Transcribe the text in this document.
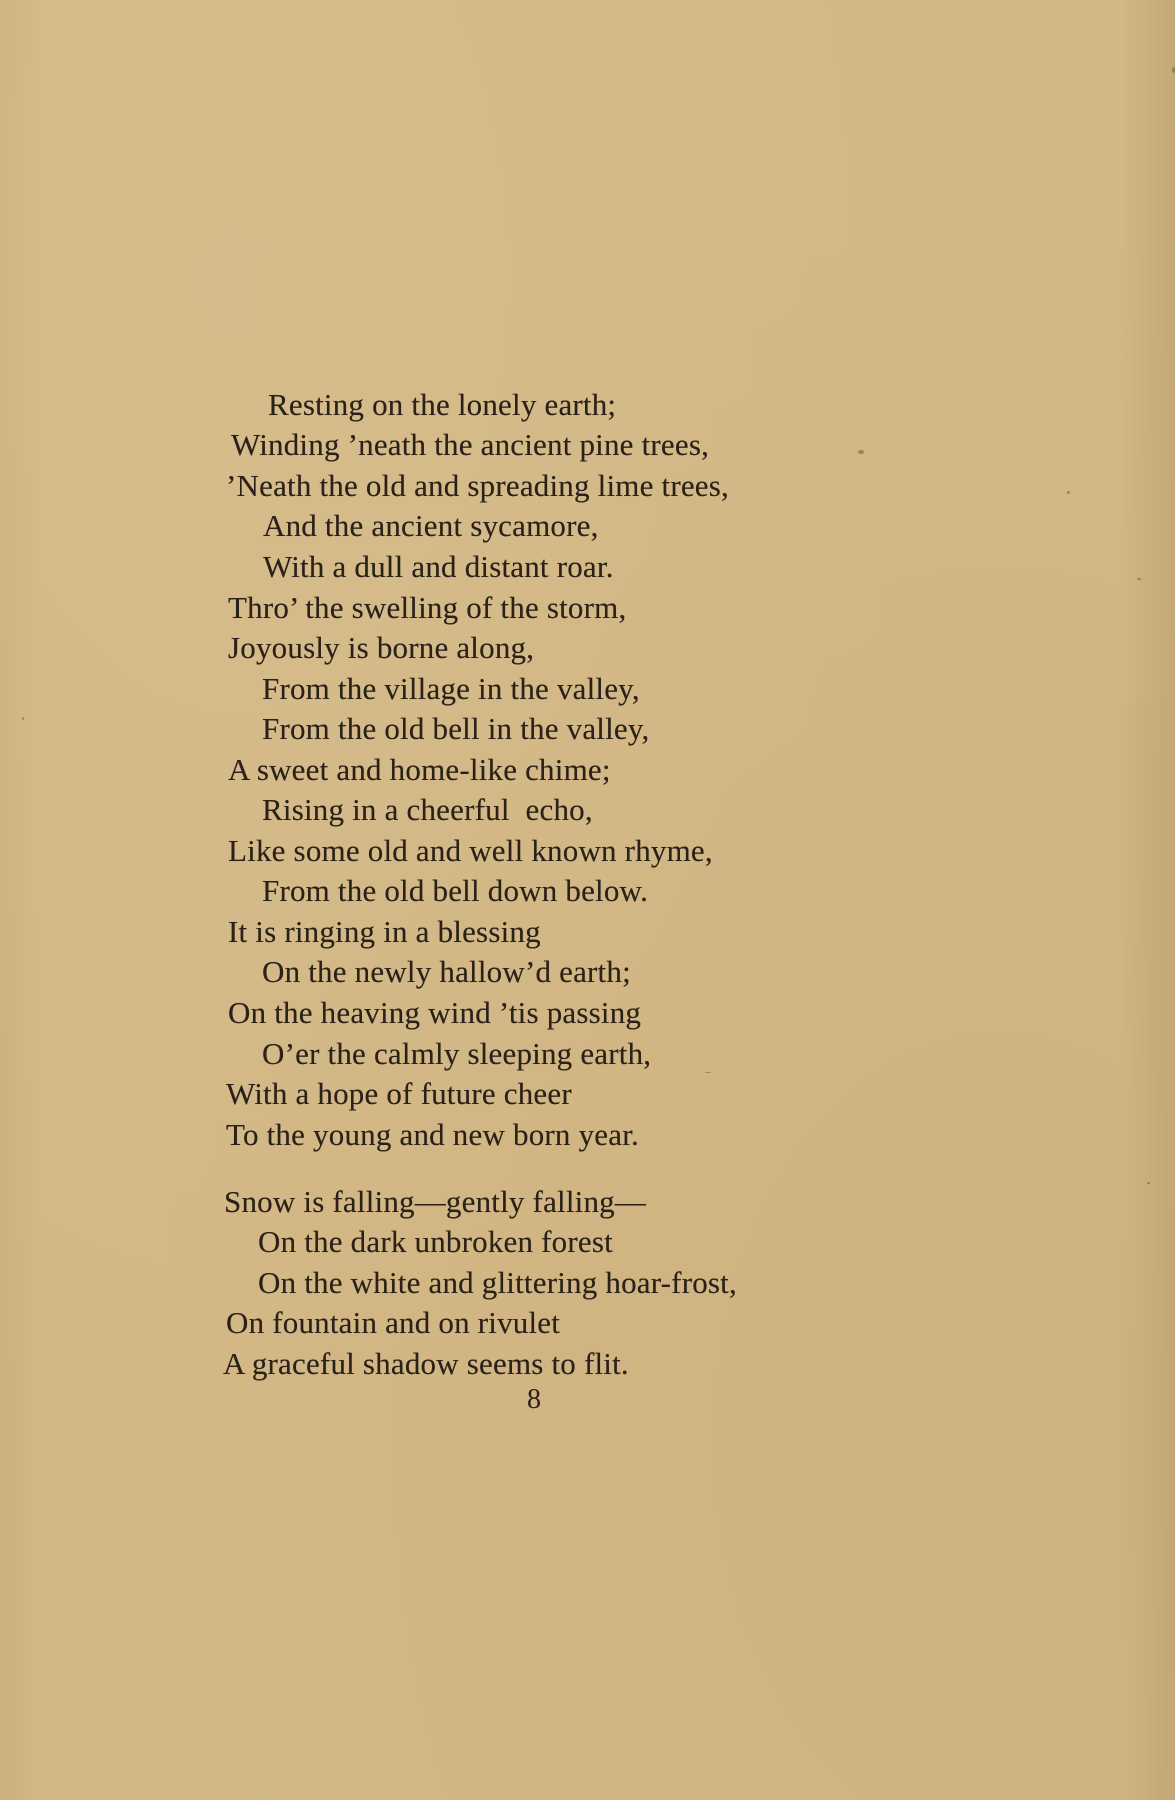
Resting on the lonely earth;
Winding ’neath the ancient pine trees,
’Neath the old and spreading lime trees,
And the ancient sycamore,
With a dull and distant roar.
Thro’ the swelling of the storm,
Joyously is borne along,
From the village in the valley,
From the old bell in the valley,
A sweet and home-like chime;
Rising in a cheerful  echo,
Like some old and well known rhyme,
From the old bell down below.
It is ringing in a blessing
On the newly hallow’d earth;
On the heaving wind ’tis passing
O’er the calmly sleeping earth,
With a hope of future cheer
To the young and new born year.
Snow is falling—gently falling—
On the dark unbroken forest
On the white and glittering hoar-frost,
On fountain and on rivulet
A graceful shadow seems to flit.
8
